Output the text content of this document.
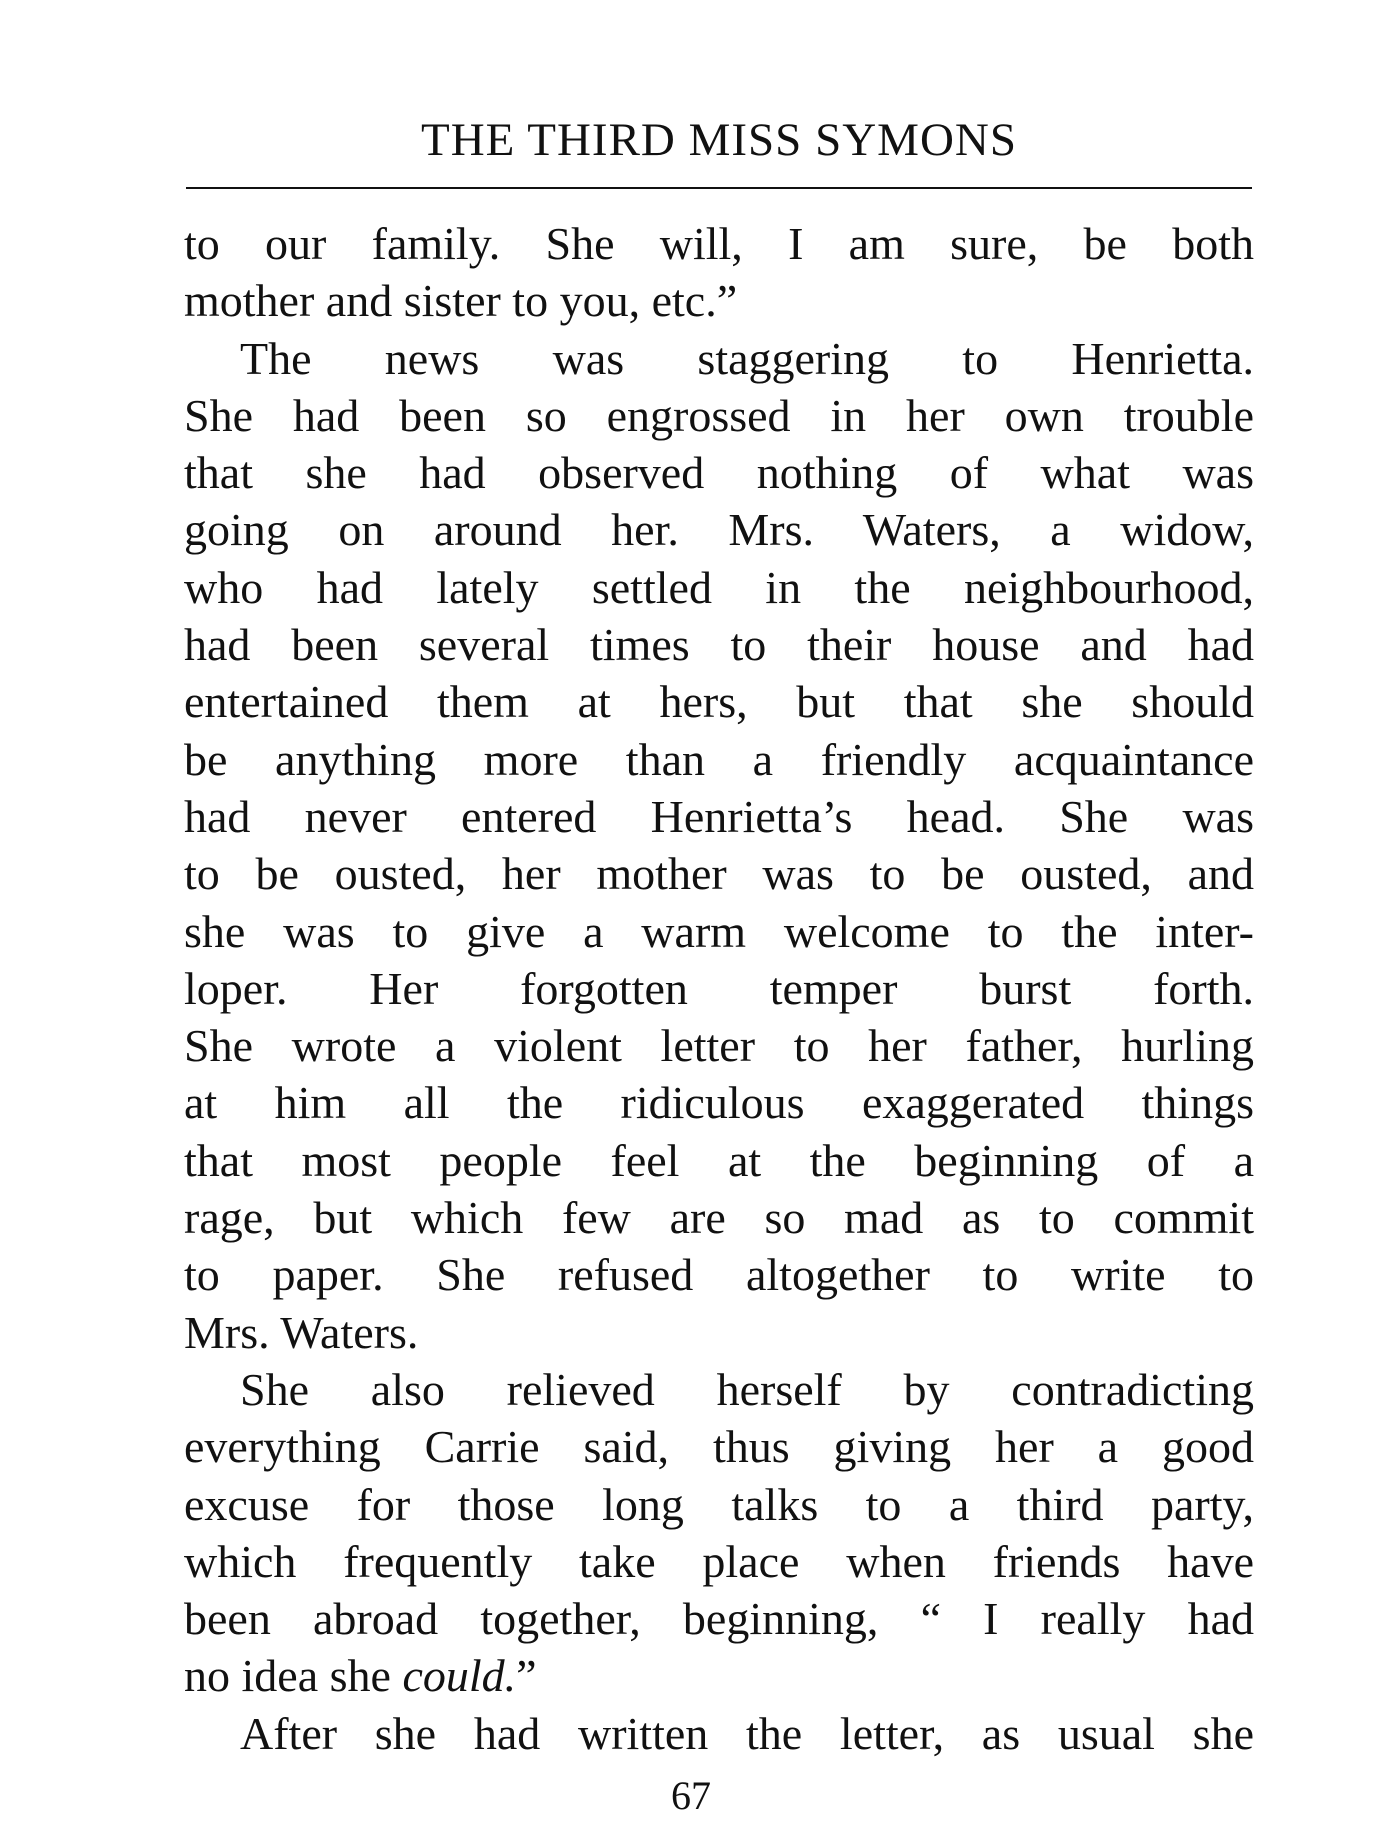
THE THIRD MISS SYMONS
to our family. She will, I am sure, be both
mother and sister to you, etc.”
The news was staggering to Henrietta.
She had been so engrossed in her own trouble
that she had observed nothing of what was
going on around her. Mrs. Waters, a widow,
who had lately settled in the neighbourhood,
had been several times to their house and had
entertained them at hers, but that she should
be anything more than a friendly acquaintance
had never entered Henrietta’s head. She was
to be ousted, her mother was to be ousted, and
she was to give a warm welcome to the inter-
loper. Her forgotten temper burst forth.
She wrote a violent letter to her father, hurling
at him all the ridiculous exaggerated things
that most people feel at the beginning of a
rage, but which few are so mad as to commit
to paper. She refused altogether to write to
Mrs. Waters.
She also relieved herself by contradicting
everything Carrie said, thus giving her a good
excuse for those long talks to a third party,
which frequently take place when friends have
been abroad together, beginning, “ I really had
no idea she could.”
After she had written the letter, as usual she
67
